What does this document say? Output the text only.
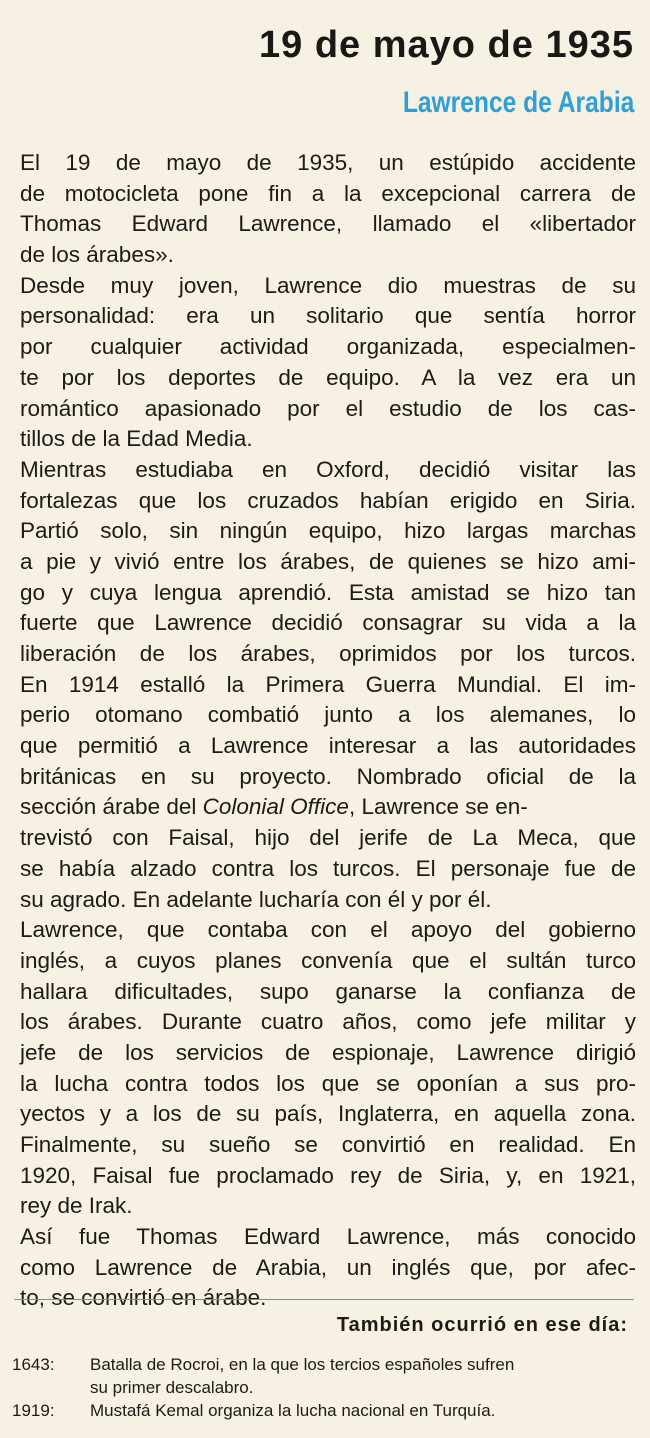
19 de mayo de 1935
Lawrence de Arabia
El 19 de mayo de 1935, un estúpido accidente
de motocicleta pone fin a la excepcional carrera de
Thomas Edward Lawrence, llamado el «libertador
de los árabes».
Desde muy joven, Lawrence dio muestras de su
personalidad: era un solitario que sentía horror
por cualquier actividad organizada, especialmen-
te por los deportes de equipo. A la vez era un
romántico apasionado por el estudio de los cas-
tillos de la Edad Media.
Mientras estudiaba en Oxford, decidió visitar las
fortalezas que los cruzados habían erigido en Siria.
Partió solo, sin ningún equipo, hizo largas marchas
a pie y vivió entre los árabes, de quienes se hizo ami-
go y cuya lengua aprendió. Esta amistad se hizo tan
fuerte que Lawrence decidió consagrar su vida a la
liberación de los árabes, oprimidos por los turcos.
En 1914 estalló la Primera Guerra Mundial. El im-
perio otomano combatió junto a los alemanes, lo
que permitió a Lawrence interesar a las autoridades
británicas en su proyecto. Nombrado oficial de la
sección árabe del Colonial Office, Lawrence se en-
trevistó con Faisal, hijo del jerife de La Meca, que
se había alzado contra los turcos. El personaje fue de
su agrado. En adelante lucharía con él y por él.
Lawrence, que contaba con el apoyo del gobierno
inglés, a cuyos planes convenía que el sultán turco
hallara dificultades, supo ganarse la confianza de
los árabes. Durante cuatro años, como jefe militar y
jefe de los servicios de espionaje, Lawrence dirigió
la lucha contra todos los que se oponían a sus pro-
yectos y a los de su país, Inglaterra, en aquella zona.
Finalmente, su sueño se convirtió en realidad. En
1920, Faisal fue proclamado rey de Siria, y, en 1921,
rey de Irak.
Así fue Thomas Edward Lawrence, más conocido
como Lawrence de Arabia, un inglés que, por afec-
to, se convirtió en árabe.
También ocurrió en ese día:
1643:	Batalla de Rocroi, en la que los tercios españoles sufren
su primer descalabro.
1919:	Mustafá Kemal organiza la lucha nacional en Turquía.
